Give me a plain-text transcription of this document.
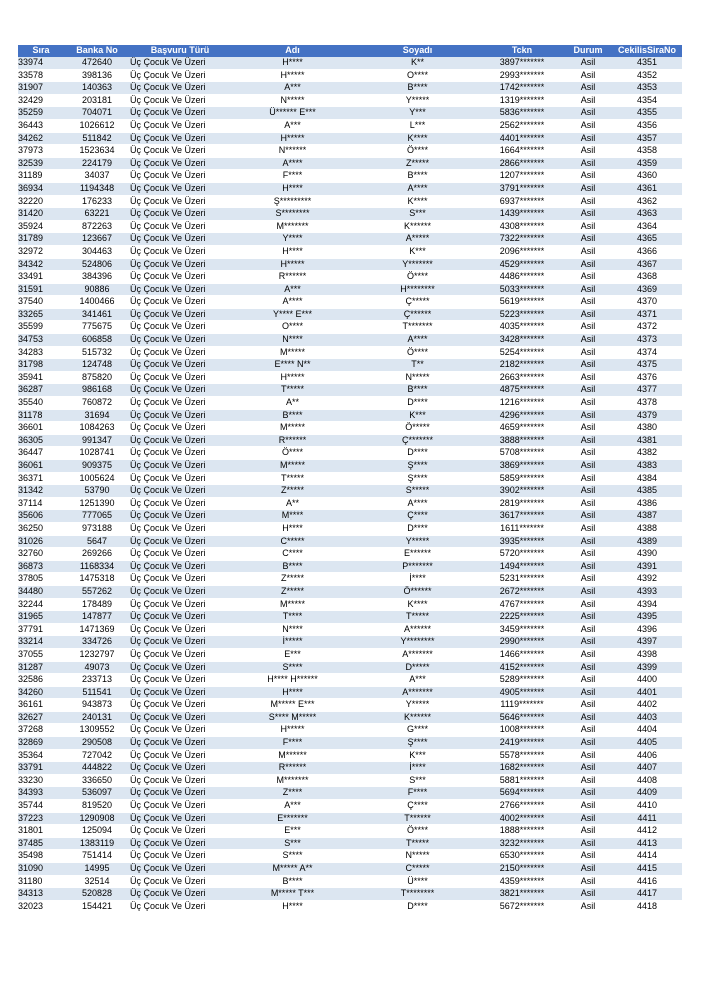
Sıra	Banka No	Başvuru Türü	Adı	Soyadı	Tckn	Durum	CekilisSiraNo
33974	472640	Üç Çocuk Ve Üzeri	H****	K**	3897*******	Asil	4351
33578	398136	Üç Çocuk Ve Üzeri	H*****	O****	2993*******	Asil	4352
31907	140363	Üç Çocuk Ve Üzeri	A***	B****	1742*******	Asil	4353
32429	203181	Üç Çocuk Ve Üzeri	N*****	Y*****	1319*******	Asil	4354
35259	704071	Üç Çocuk Ve Üzeri	Ü****** E***	Y***	5836*******	Asil	4355
36443	1026612	Üç Çocuk Ve Üzeri	A***	L***	2562*******	Asil	4356
34262	511842	Üç Çocuk Ve Üzeri	H*****	K****	4401*******	Asil	4357
37973	1523634	Üç Çocuk Ve Üzeri	N******	Ö****	1664*******	Asil	4358
32539	224179	Üç Çocuk Ve Üzeri	A****	Z*****	2866*******	Asil	4359
31189	34037	Üç Çocuk Ve Üzeri	F****	B****	1207*******	Asil	4360
36934	1194348	Üç Çocuk Ve Üzeri	H****	A****	3791*******	Asil	4361
32220	176233	Üç Çocuk Ve Üzeri	Ş*********	K****	6937*******	Asil	4362
31420	63221	Üç Çocuk Ve Üzeri	S********	S***	1439*******	Asil	4363
35924	872263	Üç Çocuk Ve Üzeri	M*******	K******	4308*******	Asil	4364
31789	123667	Üç Çocuk Ve Üzeri	Y****	A*****	7322*******	Asil	4365
32972	304463	Üç Çocuk Ve Üzeri	H****	K***	2096*******	Asil	4366
34342	524806	Üç Çocuk Ve Üzeri	H*****	Y*******	4529*******	Asil	4367
33491	384396	Üç Çocuk Ve Üzeri	R******	Ö****	4486*******	Asil	4368
31591	90886	Üç Çocuk Ve Üzeri	A***	H********	5033*******	Asil	4369
37540	1400466	Üç Çocuk Ve Üzeri	A****	Ç*****	5619*******	Asil	4370
33265	341461	Üç Çocuk Ve Üzeri	Y**** E***	Ç******	5223*******	Asil	4371
35599	775675	Üç Çocuk Ve Üzeri	O****	T*******	4035*******	Asil	4372
34753	606858	Üç Çocuk Ve Üzeri	N****	A****	3428*******	Asil	4373
34283	515732	Üç Çocuk Ve Üzeri	M*****	Ö****	5254*******	Asil	4374
31798	124748	Üç Çocuk Ve Üzeri	E**** N**	T**	2182*******	Asil	4375
35941	875820	Üç Çocuk Ve Üzeri	H*****	N*****	2663*******	Asil	4376
36287	986168	Üç Çocuk Ve Üzeri	T*****	B****	4875*******	Asil	4377
35540	760872	Üç Çocuk Ve Üzeri	A**	D****	1216*******	Asil	4378
31178	31694	Üç Çocuk Ve Üzeri	B****	K***	4296*******	Asil	4379
36601	1084263	Üç Çocuk Ve Üzeri	M*****	Ö*****	4659*******	Asil	4380
36305	991347	Üç Çocuk Ve Üzeri	R******	Ç*******	3888*******	Asil	4381
36447	1028741	Üç Çocuk Ve Üzeri	Ö****	D****	5708*******	Asil	4382
36061	909375	Üç Çocuk Ve Üzeri	M*****	Ş****	3869*******	Asil	4383
36371	1005624	Üç Çocuk Ve Üzeri	T*****	Ş****	5859*******	Asil	4384
31342	53790	Üç Çocuk Ve Üzeri	Z*****	S*****	3902*******	Asil	4385
37114	1251390	Üç Çocuk Ve Üzeri	A**	A****	2819*******	Asil	4386
35606	777065	Üç Çocuk Ve Üzeri	M****	Ç****	3617*******	Asil	4387
36250	973188	Üç Çocuk Ve Üzeri	H****	D****	1611*******	Asil	4388
31026	5647	Üç Çocuk Ve Üzeri	C*****	Y*****	3935*******	Asil	4389
32760	269266	Üç Çocuk Ve Üzeri	C****	E******	5720*******	Asil	4390
36873	1168334	Üç Çocuk Ve Üzeri	B****	P*******	1494*******	Asil	4391
37805	1475318	Üç Çocuk Ve Üzeri	Z*****	İ****	5231*******	Asil	4392
34480	557262	Üç Çocuk Ve Üzeri	Z*****	Ö******	2672*******	Asil	4393
32244	178489	Üç Çocuk Ve Üzeri	M*****	K****	4767*******	Asil	4394
31965	147877	Üç Çocuk Ve Üzeri	T****	T*****	2225*******	Asil	4395
37791	1471369	Üç Çocuk Ve Üzeri	N****	A******	3459*******	Asil	4396
33214	334726	Üç Çocuk Ve Üzeri	İ*****	Y********	2990*******	Asil	4397
37055	1232797	Üç Çocuk Ve Üzeri	E***	A*******	1466*******	Asil	4398
31287	49073	Üç Çocuk Ve Üzeri	S****	D*****	4152*******	Asil	4399
32586	233713	Üç Çocuk Ve Üzeri	H**** H******	A***	5289*******	Asil	4400
34260	511541	Üç Çocuk Ve Üzeri	H****	A*******	4905*******	Asil	4401
36161	943873	Üç Çocuk Ve Üzeri	M***** E***	Y*****	1119*******	Asil	4402
32627	240131	Üç Çocuk Ve Üzeri	S**** M*****	K******	5646*******	Asil	4403
37268	1309552	Üç Çocuk Ve Üzeri	H*****	G****	1008*******	Asil	4404
32869	290508	Üç Çocuk Ve Üzeri	F****	Ş****	2419*******	Asil	4405
35364	727042	Üç Çocuk Ve Üzeri	M******	K***	5578*******	Asil	4406
33791	444822	Üç Çocuk Ve Üzeri	R******	İ****	1682*******	Asil	4407
33230	336650	Üç Çocuk Ve Üzeri	M*******	S***	5881*******	Asil	4408
34393	536097	Üç Çocuk Ve Üzeri	Z****	F****	5694*******	Asil	4409
35744	819520	Üç Çocuk Ve Üzeri	A***	Ç****	2766*******	Asil	4410
37223	1290908	Üç Çocuk Ve Üzeri	E*******	T******	4002*******	Asil	4411
31801	125094	Üç Çocuk Ve Üzeri	E***	Ö****	1888*******	Asil	4412
37485	1383119	Üç Çocuk Ve Üzeri	S***	T*****	3232*******	Asil	4413
35498	751414	Üç Çocuk Ve Üzeri	S****	N*****	6530*******	Asil	4414
31090	14995	Üç Çocuk Ve Üzeri	M***** A**	C*****	2150*******	Asil	4415
31180	32514	Üç Çocuk Ve Üzeri	B****	Ü****	4359*******	Asil	4416
34313	520828	Üç Çocuk Ve Üzeri	M***** T***	T********	3821*******	Asil	4417
32023	154421	Üç Çocuk Ve Üzeri	H****	D****	5672*******	Asil	4418
